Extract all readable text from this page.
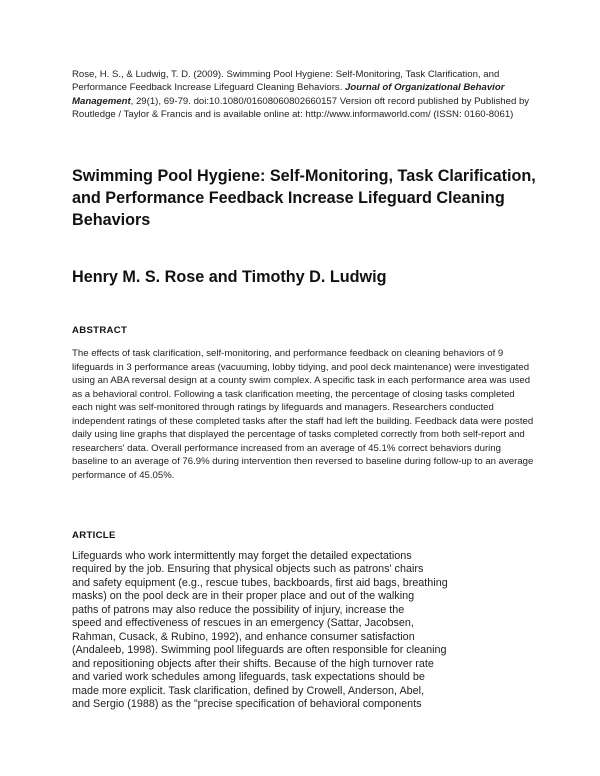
Rose, H. S., & Ludwig, T. D. (2009). Swimming Pool Hygiene: Self-Monitoring, Task Clarification, and Performance Feedback Increase Lifeguard Cleaning Behaviors. Journal of Organizational Behavior Management, 29(1), 69-79. doi:10.1080/01608060802660157 Version oft record published by Published by Routledge / Taylor & Francis and is available online at: http://www.informaworld.com/ (ISSN: 0160-8061)
Swimming Pool Hygiene: Self-Monitoring, Task Clarification, and Performance Feedback Increase Lifeguard Cleaning Behaviors
Henry M. S. Rose and Timothy D. Ludwig
ABSTRACT

The effects of task clarification, self-monitoring, and performance feedback on cleaning behaviors of 9 lifeguards in 3 performance areas (vacuuming, lobby tidying, and pool deck maintenance) were investigated using an ABA reversal design at a county swim complex. A specific task in each performance area was used as a behavioral control. Following a task clarification meeting, the percentage of closing tasks completed each night was self-monitored through ratings by lifeguards and managers. Researchers conducted independent ratings of these completed tasks after the staff had left the building. Feedback data were posted daily using line graphs that displayed the percentage of tasks completed correctly from both self-report and researchers' data. Overall performance increased from an average of 45.1% correct behaviors during baseline to an average of 76.9% during intervention then reversed to baseline during follow-up to an average performance of 45.05%.

ARTICLE
Lifeguards who work intermittently may forget the detailed expectations
required by the job. Ensuring that physical objects such as patrons' chairs
and safety equipment (e.g., rescue tubes, backboards, first aid bags, breathing
masks) on the pool deck are in their proper place and out of the walking
paths of patrons may also reduce the possibility of injury, increase the
speed and effectiveness of rescues in an emergency (Sattar, Jacobsen,
Rahman, Cusack, & Rubino, 1992), and enhance consumer satisfaction
(Andaleeb, 1998). Swimming pool lifeguards are often responsible for cleaning
and repositioning objects after their shifts. Because of the high turnover rate
and varied work schedules among lifeguards, task expectations should be
made more explicit. Task clarification, defined by Crowell, Anderson, Abel,
and Sergio (1988) as the "precise specification of behavioral components
